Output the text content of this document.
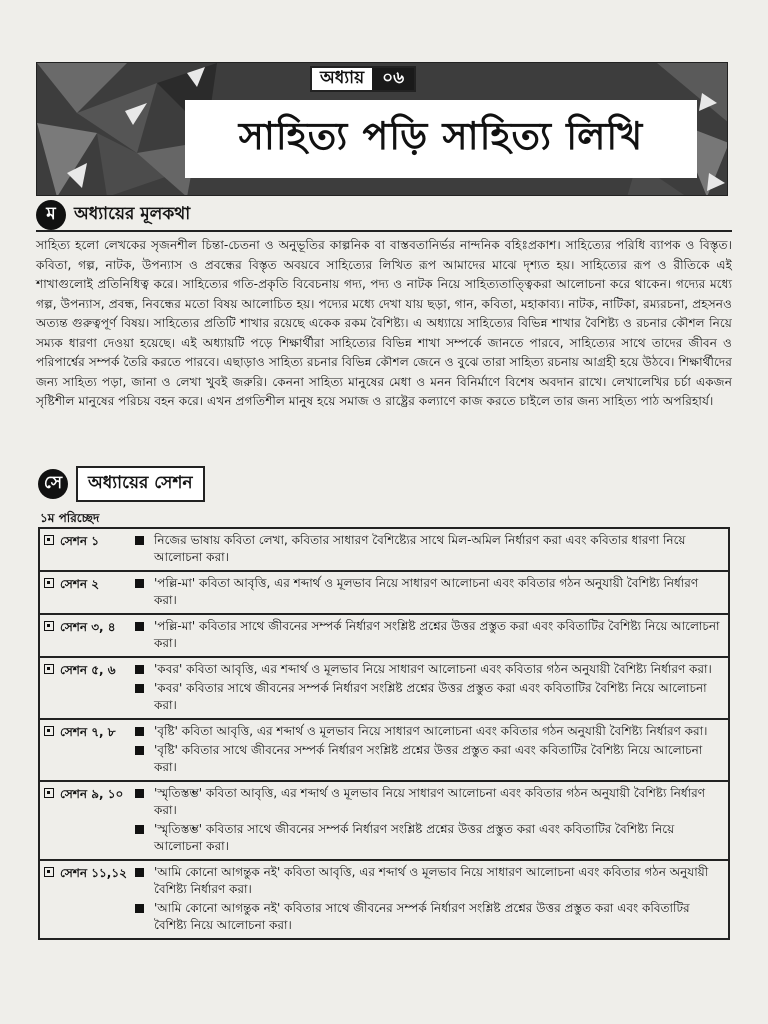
অধ্যায়	০৬
সাহিত্য পড়ি সাহিত্য লিখি
ম	অধ্যায়ের মূলকথা

সাহিত্য হলো লেখকের সৃজনশীল চিন্তা-চেতনা ও অনুভূতির কাল্পনিক বা বাস্তবতানির্ভর নান্দনিক বহিঃপ্রকাশ। সাহিত্যের পরিধি ব্যাপক ও বিস্তৃত। কবিতা, গল্প, নাটক, উপন্যাস ও প্রবন্ধের বিস্তৃত অবয়বে সাহিত্যের লিখিত রূপ আমাদের মাঝে দৃশ্যত হয়। সাহিত্যের রূপ ও রীতিকে এই শাখাগুলোই প্রতিনিধিত্ব করে। সাহিত্যের গতি-প্রকৃতি বিবেচনায় গদ্য, পদ্য ও নাটক নিয়ে সাহিত্যতাত্ত্বিকরা আলোচনা করে থাকেন। গদ্যের মধ্যে গল্প, উপন্যাস, প্রবন্ধ, নিবন্ধের মতো বিষয় আলোচিত হয়। পদ্যের মধ্যে দেখা যায় ছড়া, গান, কবিতা, মহাকাব্য। নাটক, নাটিকা, রম্যরচনা, প্রহসনও অত্যন্ত গুরুত্বপূর্ণ বিষয়। সাহিত্যের প্রতিটি শাখার রয়েছে একেক রকম বৈশিষ্ট্য। এ অধ্যায়ে সাহিত্যের বিভিন্ন শাখার বৈশিষ্ট্য ও রচনার কৌশল নিয়ে সম্যক ধারণা দেওয়া হয়েছে। এই অধ্যায়টি পড়ে শিক্ষার্থীরা সাহিত্যের বিভিন্ন শাখা সম্পর্কে জানতে পারবে, সাহিত্যের সাথে তাদের জীবন ও পরিপার্শ্বের সম্পর্ক তৈরি করতে পারবে। এছাড়াও সাহিত্য রচনার বিভিন্ন কৌশল জেনে ও বুঝে তারা সাহিত্য রচনায় আগ্রহী হয়ে উঠবে। শিক্ষার্থীদের জন্য সাহিত্য পড়া, জানা ও লেখা খুবই জরুরি। কেননা সাহিত্য মানুষের মেধা ও মনন বিনির্মাণে বিশেষ অবদান রাখে। লেখালেখির চর্চা একজন সৃষ্টিশীল মানুষের পরিচয় বহন করে। এখন প্রগতিশীল মানুষ হয়ে সমাজ ও রাষ্ট্রের কল্যাণে কাজ করতে চাইলে তার জন্য সাহিত্য পাঠ অপরিহার্য।

সে	অধ্যায়ের সেশন
১ম পরিচ্ছেদ
সেশন ১	নিজের ভাষায় কবিতা লেখা, কবিতার সাধারণ বৈশিষ্ট্যের সাথে মিল-অমিল নির্ধারণ করা এবং কবিতার ধারণা নিয়ে আলোচনা করা।
সেশন ২	'পল্লি-মা' কবিতা আবৃত্তি, এর শব্দার্থ ও মূলভাব নিয়ে সাধারণ আলোচনা এবং কবিতার গঠন অনুযায়ী বৈশিষ্ট্য নির্ধারণ করা।
সেশন ৩, ৪	'পল্লি-মা' কবিতার সাথে জীবনের সম্পর্ক নির্ধারণ সংশ্লিষ্ট প্রশ্নের উত্তর প্রস্তুত করা এবং কবিতাটির বৈশিষ্ট্য নিয়ে আলোচনা করা।
সেশন ৫, ৬	'কবর' কবিতা আবৃত্তি, এর শব্দার্থ ও মূলভাব নিয়ে সাধারণ আলোচনা এবং কবিতার গঠন অনুযায়ী বৈশিষ্ট্য নির্ধারণ করা।
'কবর' কবিতার সাথে জীবনের সম্পর্ক নির্ধারণ সংশ্লিষ্ট প্রশ্নের উত্তর প্রস্তুত করা এবং কবিতাটির বৈশিষ্ট্য নিয়ে আলোচনা করা।
সেশন ৭, ৮	'বৃষ্টি' কবিতা আবৃত্তি, এর শব্দার্থ ও মূলভাব নিয়ে সাধারণ আলোচনা এবং কবিতার গঠন অনুযায়ী বৈশিষ্ট্য নির্ধারণ করা।
'বৃষ্টি' কবিতার সাথে জীবনের সম্পর্ক নির্ধারণ সংশ্লিষ্ট প্রশ্নের উত্তর প্রস্তুত করা এবং কবিতাটির বৈশিষ্ট্য নিয়ে আলোচনা করা।
সেশন ৯, ১০	'স্মৃতিস্তম্ভ' কবিতা আবৃত্তি, এর শব্দার্থ ও মূলভাব নিয়ে সাধারণ আলোচনা এবং কবিতার গঠন অনুযায়ী বৈশিষ্ট্য নির্ধারণ করা।
'স্মৃতিস্তম্ভ' কবিতার সাথে জীবনের সম্পর্ক নির্ধারণ সংশ্লিষ্ট প্রশ্নের উত্তর প্রস্তুত করা এবং কবিতাটির বৈশিষ্ট্য নিয়ে আলোচনা করা।
সেশন ১১,১২ 'আমি কোনো আগন্তুক নই' কবিতা আবৃত্তি, এর শব্দার্থ ও মূলভাব নিয়ে সাধারণ আলোচনা এবং কবিতার গঠন অনুযায়ী বৈশিষ্ট্য নির্ধারণ করা।
'আমি কোনো আগন্তুক নই' কবিতার সাথে জীবনের সম্পর্ক নির্ধারণ সংশ্লিষ্ট প্রশ্নের উত্তর প্রস্তুত করা এবং কবিতাটির বৈশিষ্ট্য নিয়ে আলোচনা করা।
